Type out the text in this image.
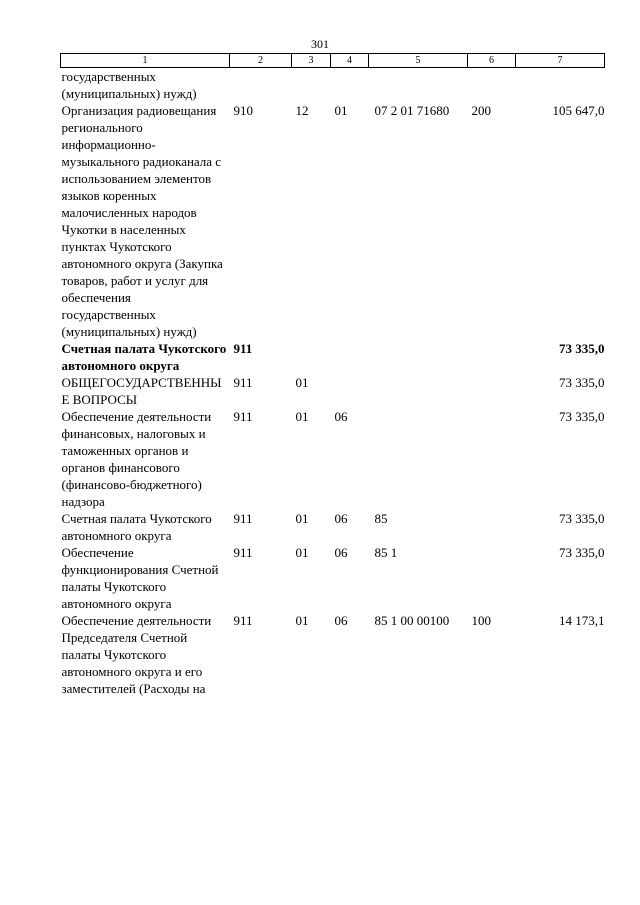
301
1	2	3	4	5	6	7
государственных (муниципальных) нужд)						
Организация радиовещания регионального информационно-музыкального радиоканала с использованием элементов языков коренных малочисленных народов Чукотки в населенных пунктах Чукотского автономного округа (Закупка товаров, работ и услуг для обеспечения государственных (муниципальных) нужд)	910	12	01	07 2 01 71680	200	105 647,0
Счетная палата Чукотского автономного округа	911					73 335,0
ОБЩЕГОСУДАРСТВЕННЫЕ ВОПРОСЫ	911	01				73 335,0
Обеспечение деятельности финансовых, налоговых и таможенных органов и органов финансового (финансово-бюджетного) надзора	911	01	06			73 335,0
Счетная палата Чукотского автономного округа	911	01	06	85		73 335,0
Обеспечение функционирования Счетной палаты Чукотского автономного округа	911	01	06	85 1		73 335,0
Обеспечение деятельности Председателя Счетной палаты Чукотского автономного округа и его заместителей (Расходы на	911	01	06	85 1 00 00100	100	14 173,1
